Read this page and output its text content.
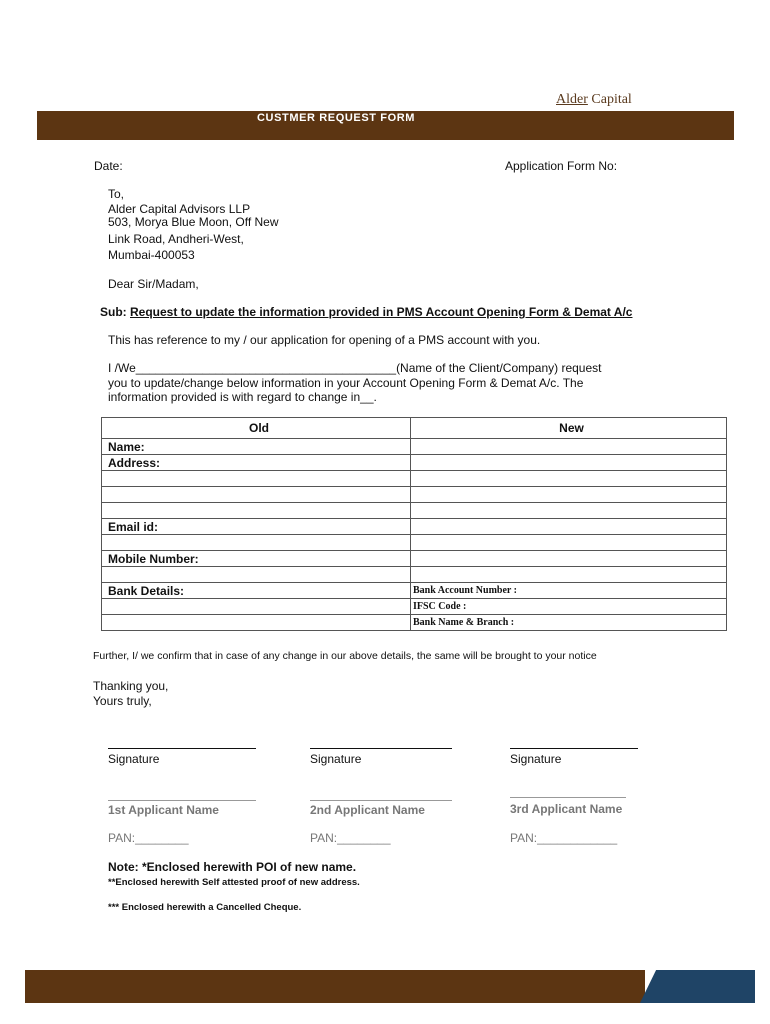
Alder Capital
CUSTMER REQUEST FORM
Date:	Application Form No:
To,
Alder Capital Advisors LLP
503, Morya Blue Moon, Off New
Link Road, Andheri-West,
Mumbai-400053
Dear Sir/Madam,
Sub: Request to update the information provided in PMS Account Opening Form & Demat A/c
This has reference to my / our application for opening of a PMS account with you.
I /We_______________________________________(Name of the Client/Company) request
you to update/change below information in your Account Opening Form & Demat A/c. The
information provided is with regard to change in__.
Old	New
Name:	
Address:	

Email id:	

Mobile Number:	

Bank Details:	Bank Account Number :
	IFSC Code :
	Bank Name & Branch :
Further, I/ we confirm that in case of any change in our above details, the same will be brought to your notice
Thanking you,
Yours truly,
Signature	Signature	Signature
1st Applicant Name	2nd Applicant Name	3rd Applicant Name
PAN:________	PAN:________	PAN:____________
Note: *Enclosed herewith POI of new name.
**Enclosed herewith Self attested proof of new address.
*** Enclosed herewith a Cancelled Cheque.
